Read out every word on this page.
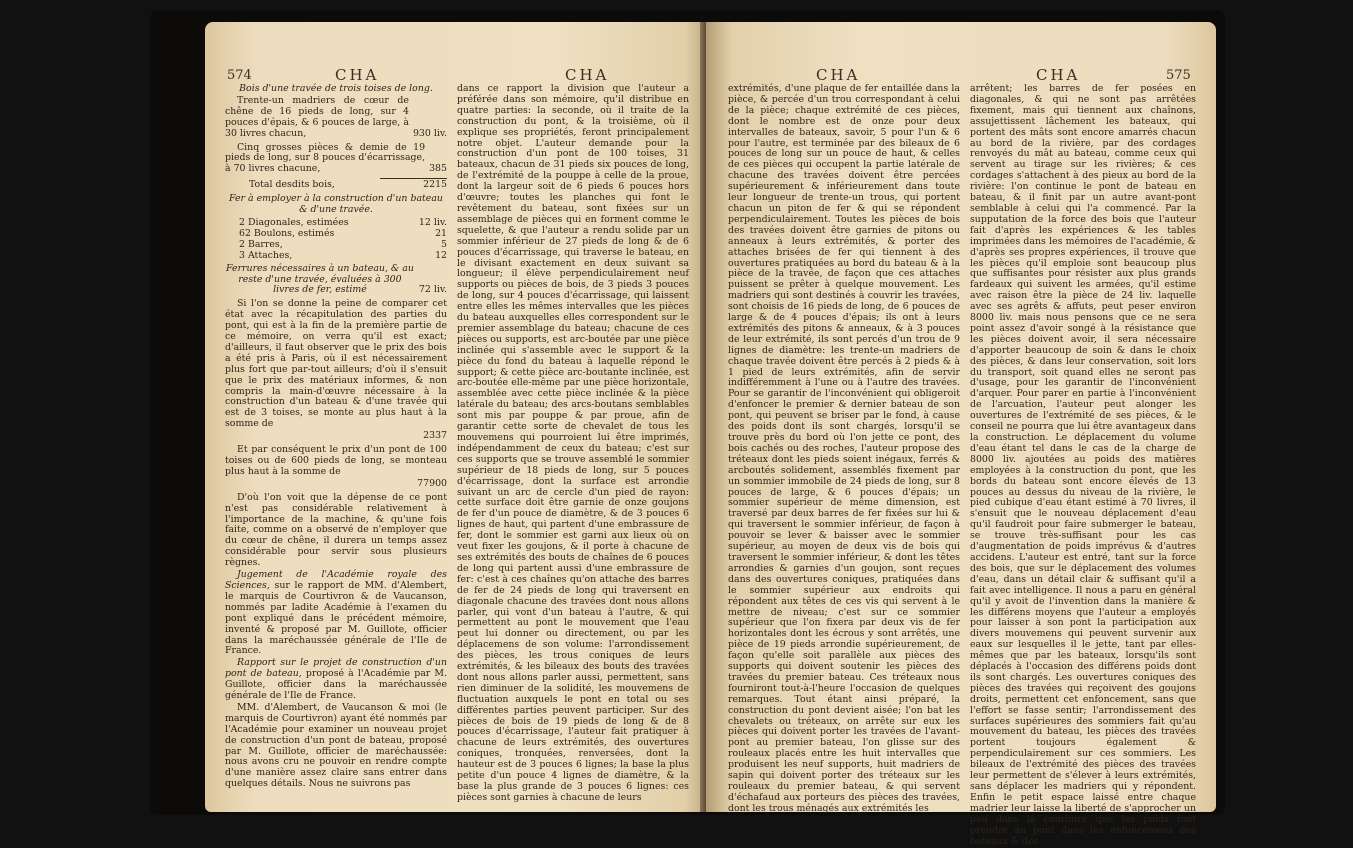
574	CHA	CHA

Bois d'une travée de trois toises de long.

Trente-un madriers de cœur de chêne de 16 pieds de long, sur 4 pouces d'épais, & 6 pouces de large, à 30 livres chacun,	930 liv.
Cinq grosses pièces & demie de 19 pieds de long, sur 8 pouces d'écarrissage, à 70 livres chacune,	385
Total desdits bois,	2215

Fer à employer à la construction d'un bateau & d'une travée.

2 Diagonales, estimées	12 liv.
62 Boulons, estimés	21
2 Barres,	5
3 Attaches,	12
Ferrures nécessaires à un bateau, & au reste d'une travée, évaluées à 300 livres de fer, estimé	72 liv.

Si l'on se donne la peine de comparer cet état avec la récapitulation des parties du pont, qui est à la fin de la première partie de ce mémoire, on verra qu'il est exact; d'ailleurs, il faut observer que le prix des bois a été pris à Paris, où il est nécessairement plus fort que par-tout ailleurs; d'où il s'ensuit que le prix des matériaux informes, & non compris la main-d'œuvre nécessaire à la construction d'un bateau & d'une travée qui est de 3 toises, se monte au plus haut à la somme de

2337

Et par conséquent le prix d'un pont de 100 toises ou de 600 pieds de long, se monteau plus haut à la somme de

77900

D'où l'on voit que la dépense de ce pont n'est pas considérable relativement à l'importance de la machine, & qu'une fois faite, comme on a observé de n'employer que du cœur de chêne, il durera un temps assez considérable pour servir sous plusieurs règnes.

Jugement de l'Académie royale des Sciences, sur le rapport de MM. d'Alembert, le marquis de Courtivron & de Vaucanson, nommés par ladite Académie à l'examen du pont expliqué dans le précédent mémoire, inventé & proposé par M. Guillote, officier dans la maréchaussée générale de l'Ile de France.

Rapport sur le projet de construction d'un pont de bateau, proposé à l'Académie par M. Guillote, officier dans la maréchaussée générale de l'Ile de France.

MM. d'Alembert, de Vaucanson & moi (le marquis de Courtivron) ayant été nommés par l'Académie pour examiner un nouveau projet de construction d'un pont de bateau, proposé par M. Guillote, officier de maréchaussée: nous avons cru ne pouvoir en rendre compte d'une manière assez claire sans entrer dans quelques détails. Nous ne suivrons pas

dans ce rapport la division que l'auteur a préférée dans son mémoire, qu'il distribue en quatre parties: la seconde, où il traite de la construction du pont, & la troisième, où il explique ses propriétés, feront principalement notre objet. L'auteur demande pour la construction d'un pont de 100 toises, 31 bateaux, chacun de 31 pieds six pouces de long, de l'extrémité de la pouppe à celle de la proue, dont la largeur soit de 6 pieds 6 pouces hors d'œuvre; toutes les planches qui font le revêtement du bateau, sont fixées sur un assemblage de pièces qui en forment comme le squelette, & que l'auteur a rendu solide par un sommier inférieur de 27 pieds de long & de 6 pouces d'écarrissage, qui traverse le bateau, en le divisant exactement en deux suivant sa longueur; il élève perpendiculairement neuf supports ou pièces de bois, de 3 pieds 3 pouces de long, sur 4 pouces d'écarrissage, qui laissent entre elles les mêmes intervalles que les pièces du bateau auxquelles elles correspondent sur le premier assemblage du bateau; chacune de ces pièces ou supports, est arc-boutée par une pièce inclinée qui s'assemble avec le support & la pièce du fond du bateau à laquelle répond le support; & cette pièce arc-boutante inclinée, est arc-boutée elle-même par une pièce horizontale, assemblée avec cette pièce inclinée & la pièce latérale du bateau; des arcs-boutans semblables sont mis par pouppe & par proue, afin de garantir cette sorte de chevalet de tous les mouvemens qui pourroient lui être imprimés, indépendamment de ceux du bateau; c'est sur ces supports que se trouve assemblé le sommier supérieur de 18 pieds de long, sur 5 pouces d'écarrissage, dont la surface est arrondie suivant un arc de cercle d'un pied de rayon: cette surface doit être garnie de onze goujons de fer d'un pouce de diamètre, & de 3 pouces 6 lignes de haut, qui partent d'une embrassure de fer, dont le sommier est garni aux lieux où on veut fixer les goujons, & il porte à chacune de ses extrémités des bouts de chaînes de 6 pouces de long qui partent aussi d'une embrassure de fer: c'est à ces chaînes qu'on attache des barres de fer de 24 pieds de long qui traversent en diagonale chacune des travées dont nous allons parler, qui vont d'un bateau à l'autre, & qui permettent au pont le mouvement que l'eau peut lui donner ou directement, ou par les déplacemens de son volume: l'arrondissement des pièces, les trous coniques de leurs extrémités, & les bileaux des bouts des travées dont nous allons parler aussi, permettent, sans rien diminuer de la solidité, les mouvemens de fluctuation auxquels le pont en total ou ses différentes parties peuvent participer. Sur des pièces de bois de 19 pieds de long & de 8 pouces d'écarrissage, l'auteur fait pratiquer à chacune de leurs extrémités, des ouvertures coniques, tronquées, renversées, dont la hauteur est de 3 pouces 6 lignes; la base la plus petite d'un pouce 4 lignes de diamètre, & la base la plus grande de 3 pouces 6 lignes: ces pièces sont garnies à chacune de leurs

CHA	CHA	575

extrémités, d'une plaque de fer entaillée dans la pièce, & percée d'un trou correspondant à celui de la pièce; chaque extrémité de ces pièces, dont le nombre est de onze pour deux intervalles de bateaux, savoir, 5 pour l'un & 6 pour l'autre, est terminée par des bileaux de 6 pouces de long sur un pouce de haut, & celles de ces pièces qui occupent la partie latérale de chacune des travées doivent être percées supérieurement & inférieurement dans toute leur longueur de trente-un trous, qui portent chacun un piton de fer & qui se répondent perpendiculairement. Toutes les pièces de bois des travées doivent être garnies de pitons ou anneaux à leurs extrémités, & porter des attaches brisées de fer qui tiennent à des ouvertures pratiquées au bord du bateau & à la pièce de la travée, de façon que ces attaches puissent se prêter à quelque mouvement. Les madriers qui sont destinés à couvrir les travées, sont choisis de 16 pieds de long, de 6 pouces de large & de 4 pouces d'épais; ils ont à leurs extrémités des pitons & anneaux, & à 3 pouces de leur extrémité, ils sont percés d'un trou de 9 lignes de diamètre: les trente-un madriers de chaque travée doivent être percés à 2 pieds & à 1 pied de leurs extrémités, afin de servir indifféremment à l'une ou à l'autre des travées. Pour se garantir de l'inconvénient qui obligeroit d'enfoncer le premier & dernier bateau de son pont, qui peuvent se briser par le fond, à cause des poids dont ils sont chargés, lorsqu'il se trouve près du bord où l'on jette ce pont, des bois cachés ou des roches, l'auteur propose des tréteaux dont les pieds soient inégaux, ferrés & arcboutés solidement, assemblés fixement par un sommier immobile de 24 pieds de long, sur 8 pouces de large, & 6 pouces d'épais; un sommier supérieur de même dimension, est traversé par deux barres de fer fixées sur lui & qui traversent le sommier inférieur, de façon à pouvoir se lever & baisser avec le sommier supérieur, au moyen de deux vis de bois qui traversent le sommier inférieur, & dont les têtes arrondies & garnies d'un goujon, sont reçues dans des ouvertures coniques, pratiquées dans le sommier supérieur aux endroits qui répondent aux têtes de ces vis qui servent à le mettre de niveau; c'est sur ce sommier supérieur que l'on fixera par deux vis de fer horizontales dont les écrous y sont arrêtés, une pièce de 19 pieds arrondie supérieurement, de façon qu'elle soit parallèle aux pièces des supports qui doivent soutenir les pièces des travées du premier bateau. Ces tréteaux nous fourniront tout-à-l'heure l'occasion de quelques remarques. Tout étant ainsi préparé, la construction du pont devient aisée; l'on bat les chevalets ou tréteaux, on arrête sur eux les pièces qui doivent porter les travées de l'avant-pont au premier bateau, l'on glisse sur des rouleaux placés entre les huit intervalles que produisent les neuf supports, huit madriers de sapin qui doivent porter des tréteaux sur les rouleaux du premier bateau, & qui servent d'échafaud aux porteurs des pièces des travées, dont les trous ménagés aux extrémités les

arrêtent; les barres de fer posées en diagonales, & qui ne sont pas arrêtées fixement, mais qui tiennent aux chaînons, assujettissent lâchement les bateaux, qui portent des mâts sont encore amarrés chacun au bord de la rivière, par des cordages renvoyés du mât au bateau, comme ceux qui servent au tirage sur les rivières; & ces cordages s'attachent à des pieux au bord de la rivière: l'on continue le pont de bateau en bateau, & il finit par un autre avant-pont semblable à celui qui l'a commencé. Par la supputation de la force des bois que l'auteur fait d'après les expériences & les tables imprimées dans les mémoires de l'académie, & d'après ses propres expériences, il trouve que les pièces qu'il emploie sont beaucoup plus que suffisantes pour résister aux plus grands fardeaux qui suivent les armées, qu'il estime avec raison être la pièce de 24 liv. laquelle avec ses agrêts & affuts, peut peser environ 8000 liv. mais nous pensons que ce ne sera point assez d'avoir songé à la résistance que les pièces doivent avoir, il sera nécessaire d'apporter beaucoup de soin & dans le choix des pièces, & dans leur conservation, soit lors du transport, soit quand elles ne seront pas d'usage, pour les garantir de l'inconvénient d'arquer. Pour parer en partie à l'inconvénient de l'arcuation, l'auteur peut alonger les ouvertures de l'extrémité de ses pièces, & le conseil ne pourra que lui être avantageux dans la construction. Le déplacement du volume d'eau étant tel dans le cas de la charge de 8000 liv. ajoutées au poids des matières employées à la construction du pont, que les bords du bateau sont encore élevés de 13 pouces au dessus du niveau de la rivière, le pied cubique d'eau étant estimé à 70 livres, il s'ensuit que le nouveau déplacement d'eau qu'il faudroit pour faire submerger le bateau, se trouve très-suffisant pour les cas d'augmentation de poids imprévus & d'autres accidens. L'auteur est entré, tant sur la force des bois, que sur le déplacement des volumes d'eau, dans un détail clair & suffisant qu'il a fait avec intelligence. Il nous a paru en général qu'il y avoit de l'invention dans la manière & les différens moyens que l'auteur a employés pour laisser à son pont la participation aux divers mouvemens qui peuvent survenir aux eaux sur lesquelles il le jette, tant par elles-mêmes que par les bateaux, lorsqu'ils sont déplacés à l'occasion des différens poids dont ils sont chargés. Les ouvertures coniques des pièces des travées qui reçoivent des goujons droits, permettent cet enfoncement, sans que l'effort se fasse sentir; l'arrondissement des surfaces supérieures des sommiers fait qu'au mouvement du bateau, les pièces des travées portent toujours également & perpendiculairement sur ces sommiers. Les bileaux de l'extrémité des pièces des travées leur permettent de s'élever à leurs extrémités, sans déplacer les madriers qui y répondent. Enfin le petit espace laissé entre chaque madrier leur laisse la liberté de s'approcher un peu dans la courbure que les poids font prendre au pont dans les enfoncemens des bateaux & des
